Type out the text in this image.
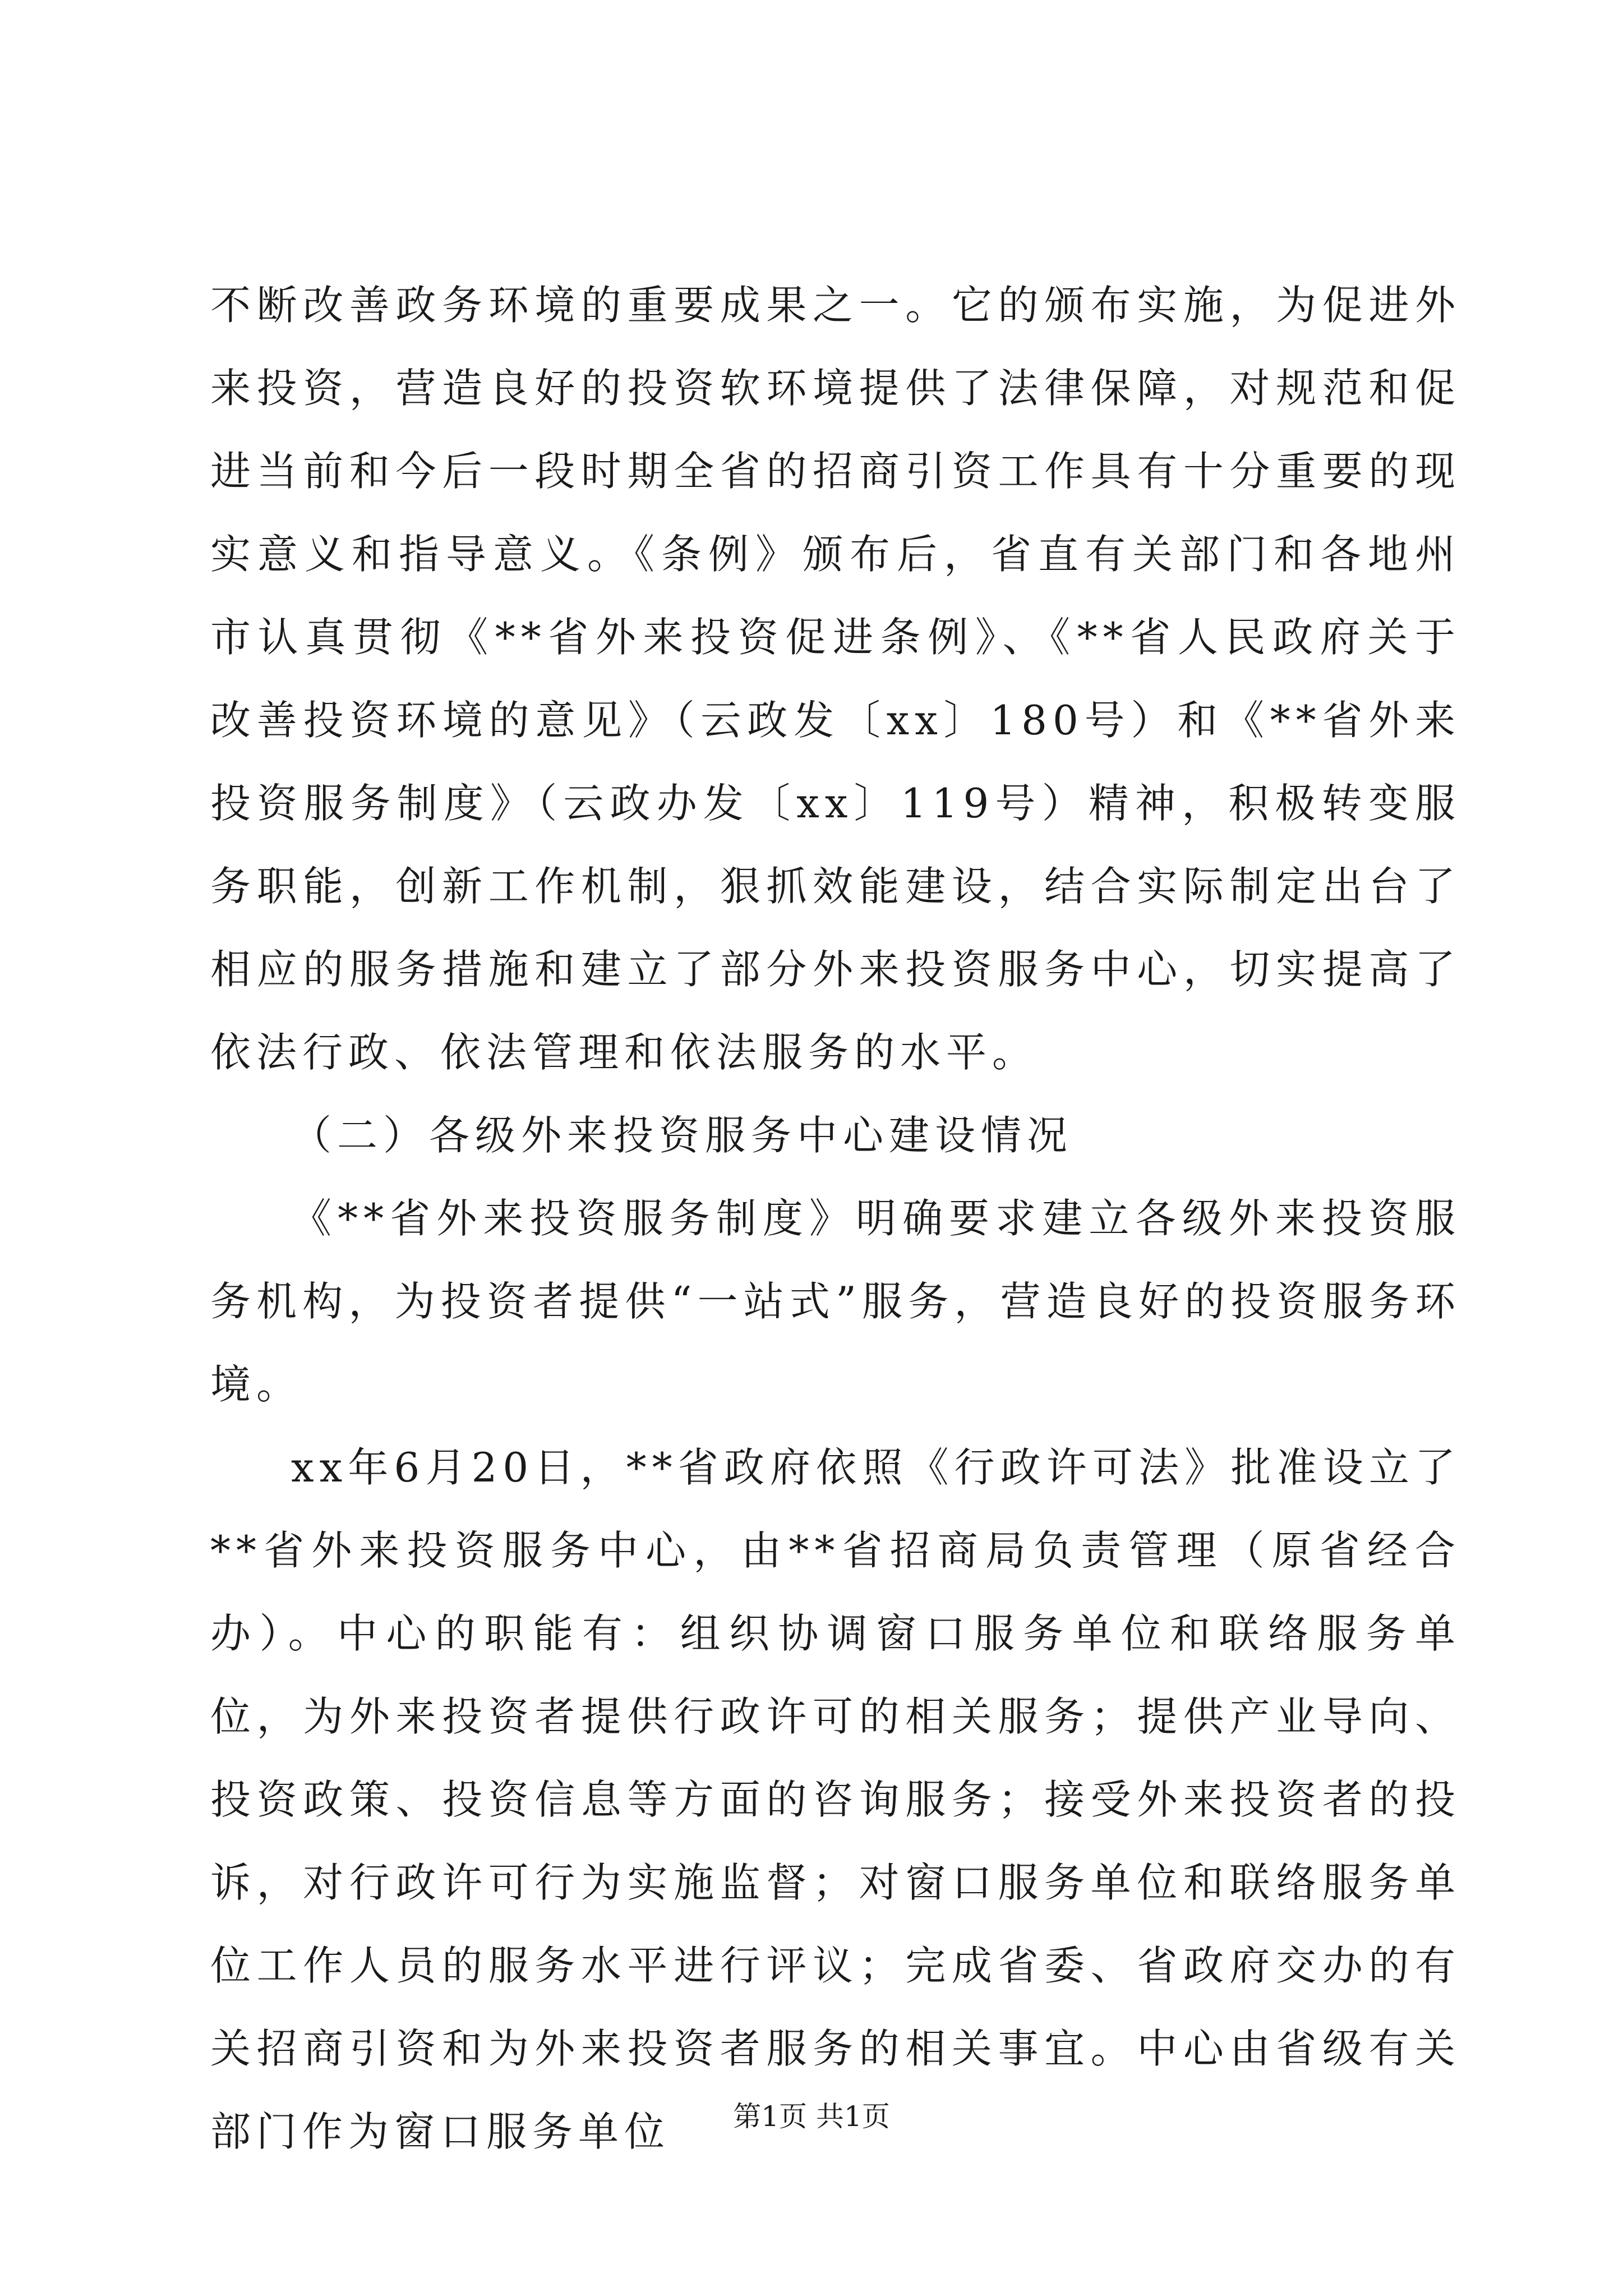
不断改善政务环境的重要成果之一。它的颁布实施，为促进外来投资，营造良好的投资软环境提供了法律保障，对规范和促进当前和今后一段时期全省的招商引资工作具有十分重要的现实意义和指导意义。《条例》颁布后，省直有关部门和各地州市认真贯彻《**省外来投资促进条例》、《**省人民政府关于改善投资环境的意见》（云政发〔xx〕180号）和《**省外来投资服务制度》（云政办发〔xx〕119号）精神，积极转变服务职能，创新工作机制，狠抓效能建设，结合实际制定出台了相应的服务措施和建立了部分外来投资服务中心，切实提高了依法行政、依法管理和依法服务的水平。

（二）各级外来投资服务中心建设情况

《**省外来投资服务制度》明确要求建立各级外来投资服务机构，为投资者提供“一站式”服务，营造良好的投资服务环境。

xx年6月20日，**省政府依照《行政许可法》批准设立了**省外来投资服务中心，由**省招商局负责管理（原省经合办）。中心的职能有：组织协调窗口服务单位和联络服务单位，为外来投资者提供行政许可的相关服务；提供产业导向、投资政策、投资信息等方面的咨询服务；接受外来投资者的投诉，对行政许可行为实施监督；对窗口服务单位和联络服务单位工作人员的服务水平进行评议；完成省委、省政府交办的有关招商引资和为外来投资者服务的相关事宜。中心由省级有关部门作为窗口服务单位	第1页 共1页
